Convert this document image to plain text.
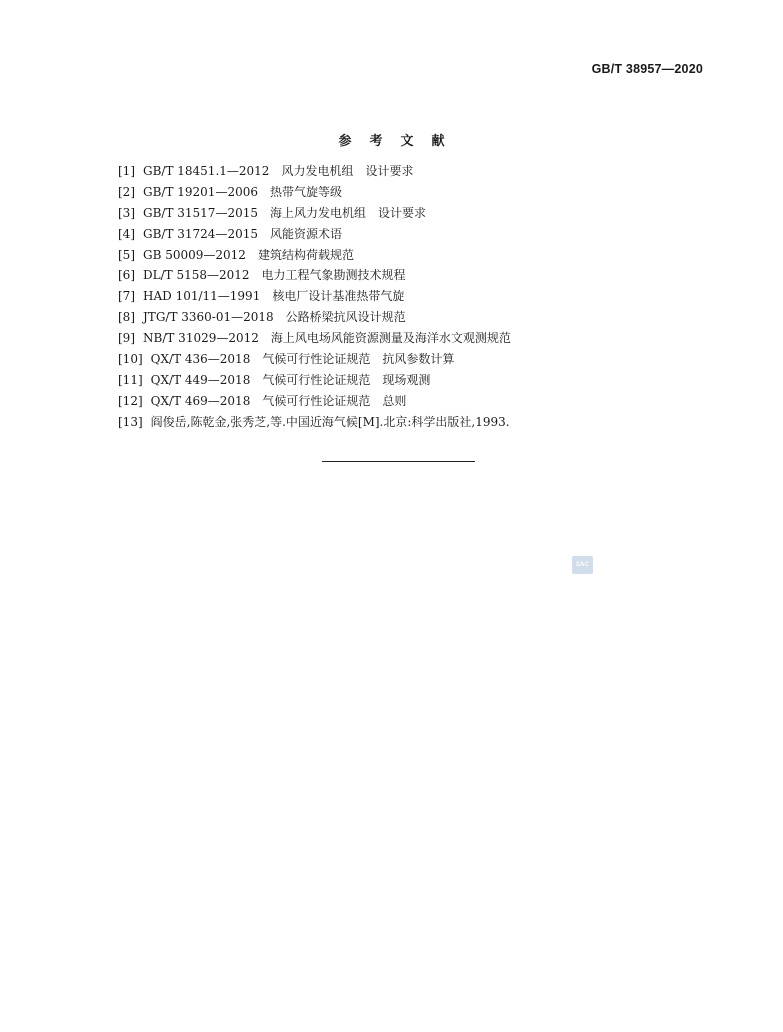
GB/T 38957—2020
参 考 文 献
[1] GB/T 18451.1—2012 风力发电机组　设计要求
[2] GB/T 19201—2006 热带气旋等级
[3] GB/T 31517—2015 海上风力发电机组　设计要求
[4] GB/T 31724—2015 风能资源术语
[5] GB 50009—2012 建筑结构荷载规范
[6] DL/T 5158—2012 电力工程气象勘测技术规程
[7] HAD 101/11—1991 核电厂设计基准热带气旋
[8] JTG/T 3360-01—2018 公路桥梁抗风设计规范
[9] NB/T 31029—2012 海上风电场风能资源测量及海洋水文观测规范
[10] QX/T 436—2018 气候可行性论证规范　抗风参数计算
[11] QX/T 449—2018 气候可行性论证规范　现场观测
[12] QX/T 469—2018 气候可行性论证规范　总则
[13] 阎俊岳,陈乾金,张秀芝,等.中国近海气候[M].北京:科学出版社,1993.
SAC
